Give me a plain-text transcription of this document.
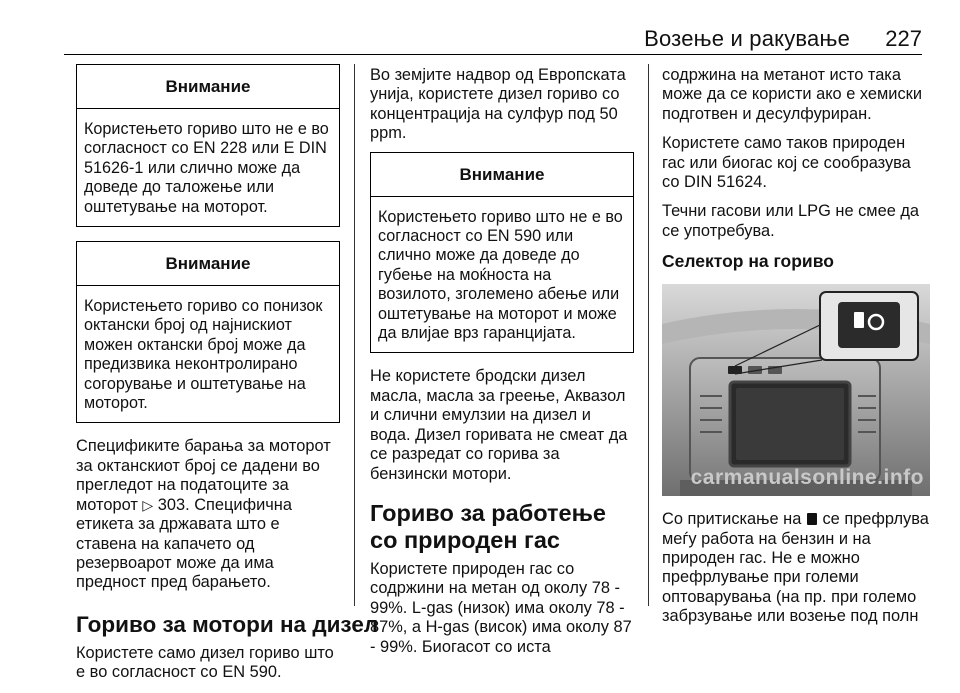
Возење и ракување 227
Внимание
Користењето гориво што не е во согласност со EN 228 или E DIN 51626-1 или слично може да доведе до таложење или оштетување на моторот.
Внимание
Користењето гориво со понизок октански број од најнискиот можен октански број може да предизвика неконтролирано согорување и оштетување на моторот.

Спецификите барања за моторот за октанскиот број се дадени во прегледот на податоците за моторот ▷ 303. Специфична етикета за државата што е ставена на капачето од резервоарот може да има предност пред барањето.

Гориво за мотори на дизел

Користете само дизел гориво што е во согласност со EN 590.

Во земјите надвор од Европската унија, користете дизел гориво со концентрација на сулфур под 50 ppm.

Внимание
Користењето гориво што не е во согласност со EN 590 или слично може да доведе до губење на моќноста на возилото, зголемено абење или оштетување на моторот и може да влијае врз гаранцијата.

Не користете бродски дизел масла, масла за греење, Аквазол и слични емулзии на дизел и вода. Дизел горивата не смеат да се разредат со горива за бензински мотори.

Гориво за работење со природен гас

Користете природен гас со содржини на метан од околу 78 - 99%. L-gas (низок) има околу 78 - 87%, а H-gas (висок) има околу 87 - 99%. Биогасот со иста

содржина на метанот исто така може да се користи ако е хемиски подготвен и десулфуриран.

Користете само таков природен гас или биогас кој се сообразува со DIN 51624.

Течни гасови или LPG не смее да се употребува.

Селектор на гориво
carmanualsonline.info

Со притискање на се префрлува меѓу работа на бензин и на природен гас. Не е можно префрлување при големи оптоварувања (на пр. при големо забрзување или возење под полн
